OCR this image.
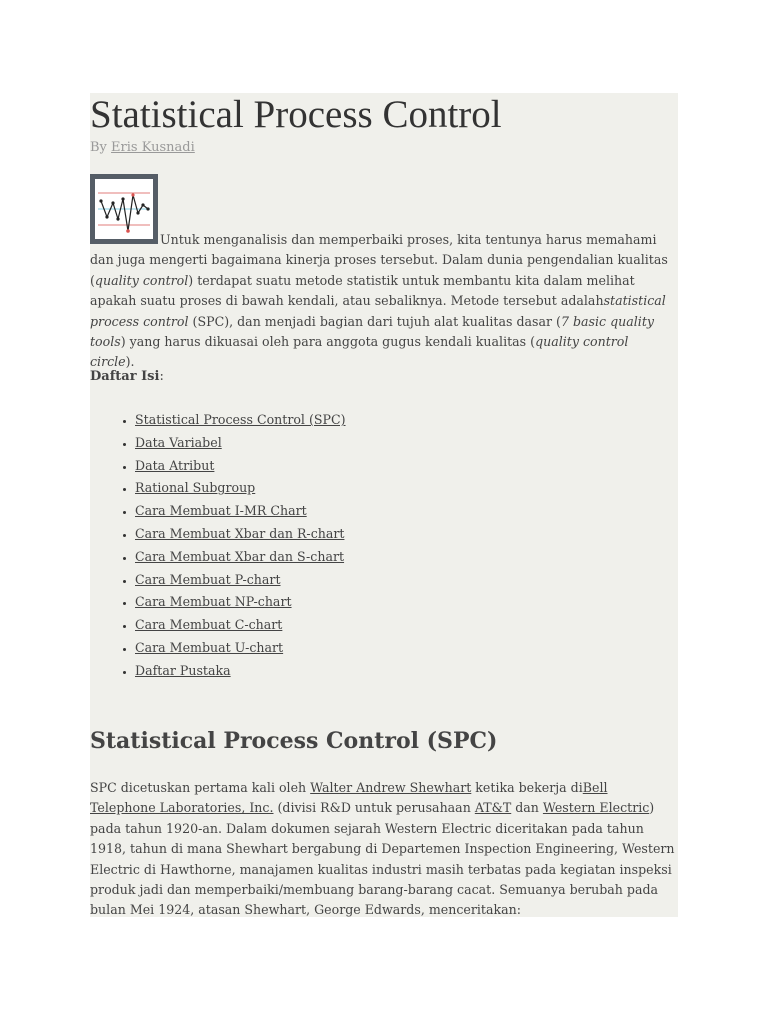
Statistical Process Control
By Eris Kusnadi

Untuk menganalisis dan memperbaiki proses, kita tentunya harus memahami dan juga mengerti bagaimana kinerja proses tersebut. Dalam dunia pengendalian kualitas (quality control) terdapat suatu metode statistik untuk membantu kita dalam melihat apakah suatu proses di bawah kendali, atau sebaliknya. Metode tersebut adalahstatistical process control (SPC), dan menjadi bagian dari tujuh alat kualitas dasar (7 basic quality tools) yang harus dikuasai oleh para anggota gugus kendali kualitas (quality control circle).

Daftar Isi:
• Statistical Process Control (SPC)
• Data Variabel
• Data Atribut
• Rational Subgroup
• Cara Membuat I-MR Chart
• Cara Membuat Xbar dan R-chart
• Cara Membuat Xbar dan S-chart
• Cara Membuat P-chart
• Cara Membuat NP-chart
• Cara Membuat C-chart
• Cara Membuat U-chart
• Daftar Pustaka
Statistical Process Control (SPC)

SPC dicetuskan pertama kali oleh Walter Andrew Shewhart ketika bekerja diBell Telephone Laboratories, Inc. (divisi R&D untuk perusahaan AT&T dan Western Electric) pada tahun 1920-an. Dalam dokumen sejarah Western Electric diceritakan pada tahun 1918, tahun di mana Shewhart bergabung di Departemen Inspection Engineering, Western Electric di Hawthorne, manajamen kualitas industri masih terbatas pada kegiatan inspeksi produk jadi dan memperbaiki/membuang barang-barang cacat. Semuanya berubah pada bulan Mei 1924, atasan Shewhart, George Edwards, menceritakan:
